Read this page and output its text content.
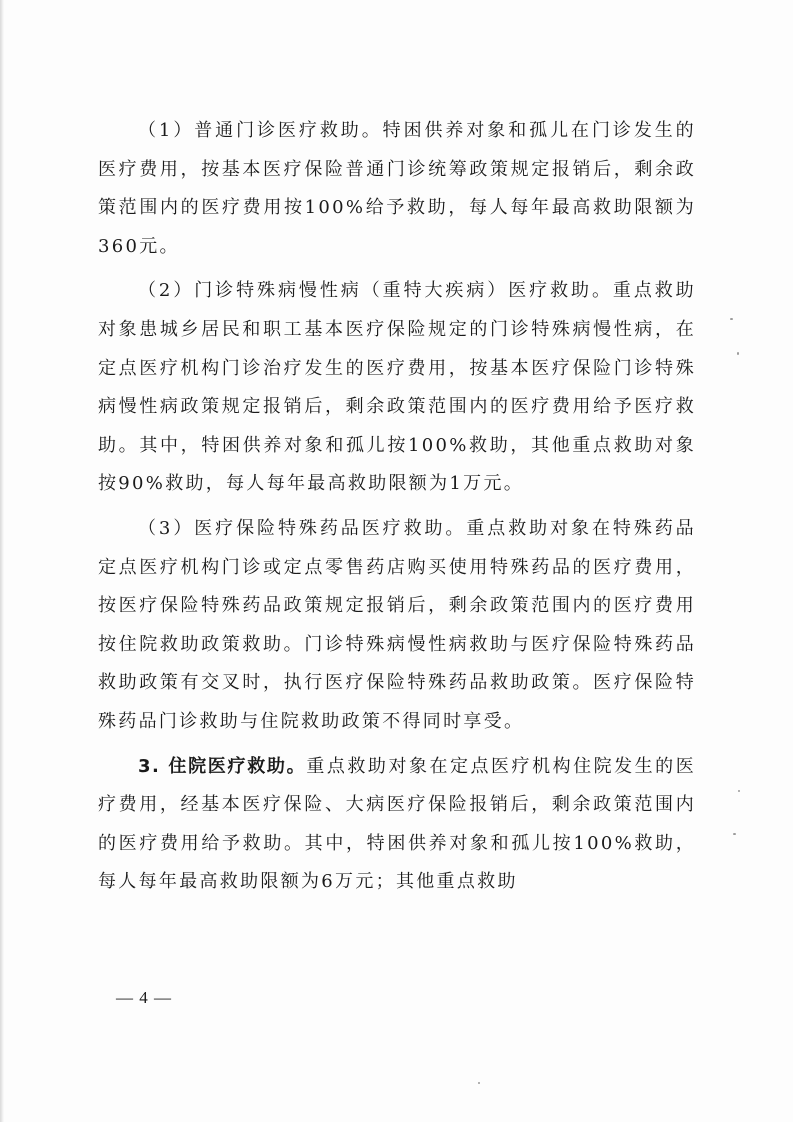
（1）普通门诊医疗救助。特困供养对象和孤儿在门诊发生的医疗费用，按基本医疗保险普通门诊统筹政策规定报销后，剩余政策范围内的医疗费用按100%给予救助，每人每年最高救助限额为360元。

（2）门诊特殊病慢性病（重特大疾病）医疗救助。重点救助对象患城乡居民和职工基本医疗保险规定的门诊特殊病慢性病，在定点医疗机构门诊治疗发生的医疗费用，按基本医疗保险门诊特殊病慢性病政策规定报销后，剩余政策范围内的医疗费用给予医疗救助。其中，特困供养对象和孤儿按100%救助，其他重点救助对象按90%救助，每人每年最高救助限额为1万元。

（3）医疗保险特殊药品医疗救助。重点救助对象在特殊药品定点医疗机构门诊或定点零售药店购买使用特殊药品的医疗费用，按医疗保险特殊药品政策规定报销后，剩余政策范围内的医疗费用按住院救助政策救助。门诊特殊病慢性病救助与医疗保险特殊药品救助政策有交叉时，执行医疗保险特殊药品救助政策。医疗保险特殊药品门诊救助与住院救助政策不得同时享受。

3. 住院医疗救助。重点救助对象在定点医疗机构住院发生的医疗费用，经基本医疗保险、大病医疗保险报销后，剩余政策范围内的医疗费用给予救助。其中，特困供养对象和孤儿按100%救助，每人每年最高救助限额为6万元；其他重点救助

— 4 —
